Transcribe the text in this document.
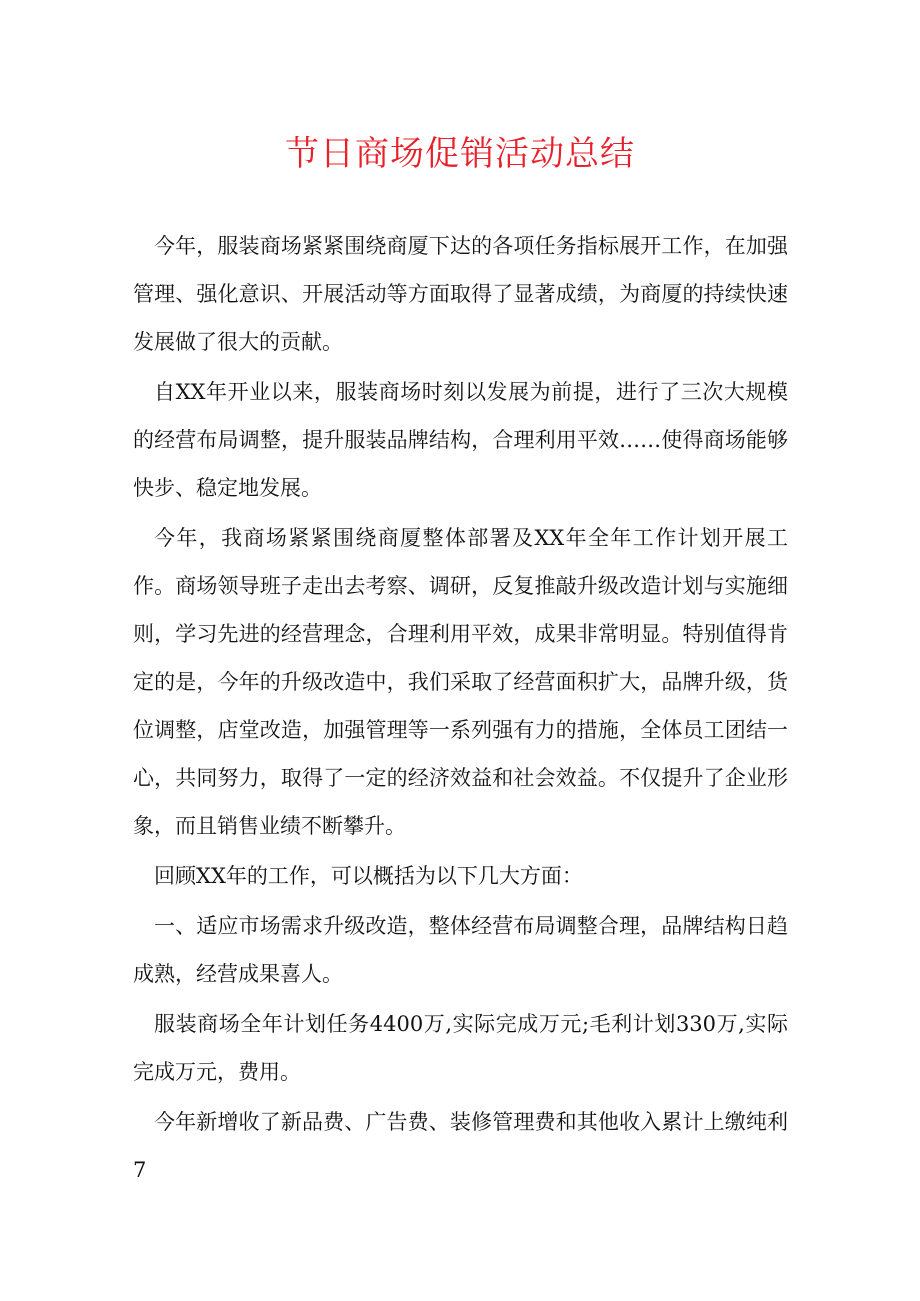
节日商场促销活动总结

今年，服装商场紧紧围绕商厦下达的各项任务指标展开工作，在加强管理、强化意识、开展活动等方面取得了显著成绩，为商厦的持续快速发展做了很大的贡献。

自XX年开业以来，服装商场时刻以发展为前提，进行了三次大规模的经营布局调整，提升服装品牌结构，合理利用平效……使得商场能够快步、稳定地发展。

今年，我商场紧紧围绕商厦整体部署及XX年全年工作计划开展工作。商场领导班子走出去考察、调研，反复推敲升级改造计划与实施细则，学习先进的经营理念，合理利用平效，成果非常明显。特别值得肯定的是，今年的升级改造中，我们采取了经营面积扩大，品牌升级，货位调整，店堂改造，加强管理等一系列强有力的措施，全体员工团结一心，共同努力，取得了一定的经济效益和社会效益。不仅提升了企业形象，而且销售业绩不断攀升。

回顾XX年的工作，可以概括为以下几大方面：

一、适应市场需求升级改造，整体经营布局调整合理，品牌结构日趋成熟，经营成果喜人。

服装商场全年计划任务4400万,实际完成万元;毛利计划330万,实际完成万元，费用。

今年新增收了新品费、广告费、装修管理费和其他收入累计上缴纯利7
